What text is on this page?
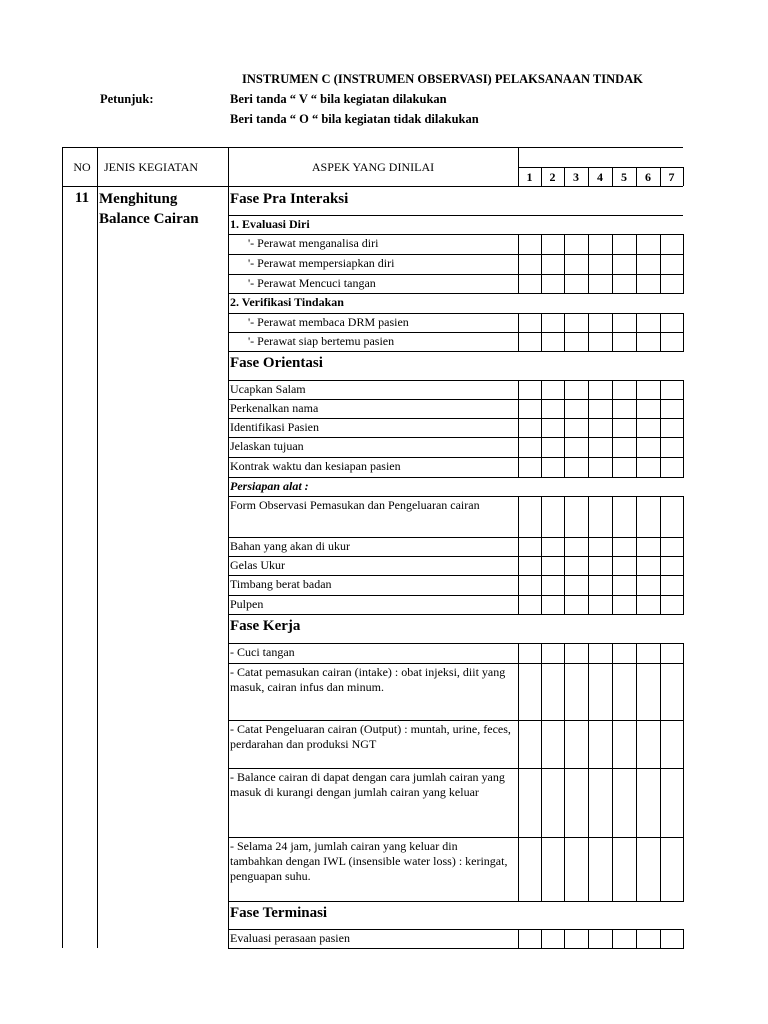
INSTRUMEN C (INSTRUMEN OBSERVASI) PELAKSANAAN TINDAK
Petunjuk:	Beri tanda “ V “ bila kegiatan dilakukan
Beri tanda “ O “ bila kegiatan tidak dilakukan
NO	JENIS KEGIATAN	ASPEK YANG DINILAI
1	2	3	4	5	6	7
11 Menghitung Balance Cairan
Fase Pra Interaksi
1. Evaluasi Diri
'- Perawat menganalisa diri
'- Perawat mempersiapkan diri
'- Perawat Mencuci tangan
2. Verifikasi Tindakan
'- Perawat membaca DRM pasien
'- Perawat siap bertemu pasien
Fase Orientasi
Ucapkan Salam
Perkenalkan nama
Identifikasi Pasien
Jelaskan tujuan
Kontrak waktu dan kesiapan pasien
Persiapan alat :
Form Observasi Pemasukan dan Pengeluaran cairan
Bahan yang akan di ukur
Gelas Ukur
Timbang berat badan
Pulpen
Fase Kerja
- Cuci tangan
- Catat pemasukan cairan (intake) : obat injeksi, diit yang masuk, cairan infus dan minum.
- Catat Pengeluaran cairan (Output) : muntah, urine, feces, perdarahan dan produksi NGT
- Balance cairan di dapat dengan cara jumlah cairan yang masuk di kurangi dengan jumlah cairan yang keluar
- Selama 24 jam, jumlah cairan yang keluar din tambahkan dengan IWL (insensible water loss) : keringat, penguapan suhu.
Fase Terminasi
Evaluasi perasaan pasien
